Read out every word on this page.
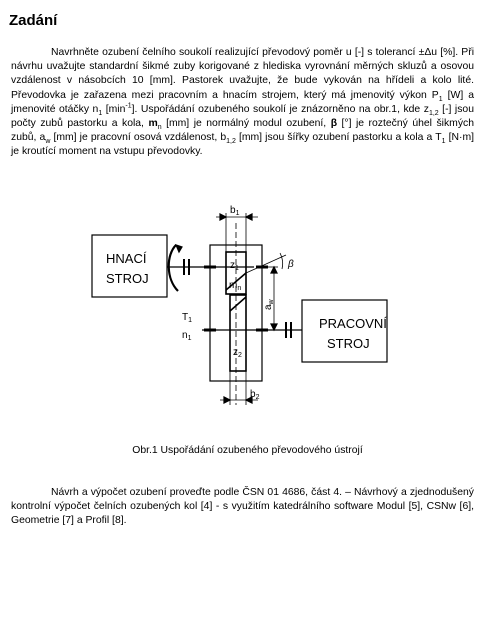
Zadání

Navrhněte ozubení čelního soukolí realizující převodový poměr u [-] s tolerancí ±Δu [%]. Při návrhu uvažujte standardní šikmé zuby korigované z hlediska vyrovnání měrných skluzů a osovou vzdálenost v násobcích 10 [mm]. Pastorek uvažujte, že bude vykován na hřídeli a kolo lité. Převodovka je zařazena mezi pracovním a hnacím strojem, který má jmenovitý výkon $P_1$ [W] a jmenovité otáčky $n_1$ $[\min^{-1}]$. Uspořádání ozubeného soukolí je znázorněno na obr.1, kde $z_{1,2}$ [-] jsou počty zubů pastorku a kola, $m_n$ [mm] je normálný modul ozubení, β [°] je roztečný úhel šikmých zubů, $a_w$ [mm] je pracovní osová vzdálenost, $b_{1,2}$ [mm] jsou šířky ozubení pastorku a kola a $T_1$ [N·m] je kroutící moment na vstupu převodovky.

HNACÍ
STROJ
PRACOVNÍ
STROJ
$b_1$
$b_2$
$z_1$
$m_n$
$z_2$
$a_w$
$T_1$
$n_1$
β
Obr.1 Uspořádání ozubeného převodového ústrojí

Návrh a výpočet ozubení proveďte podle ČSN 01 4686, část 4. – Návrhový a zjednodušený kontrolní výpočet čelních ozubených kol [4] - s využitím katedrálního software Modul [5], CSNw [6], Geometrie [7] a Profil [8].
